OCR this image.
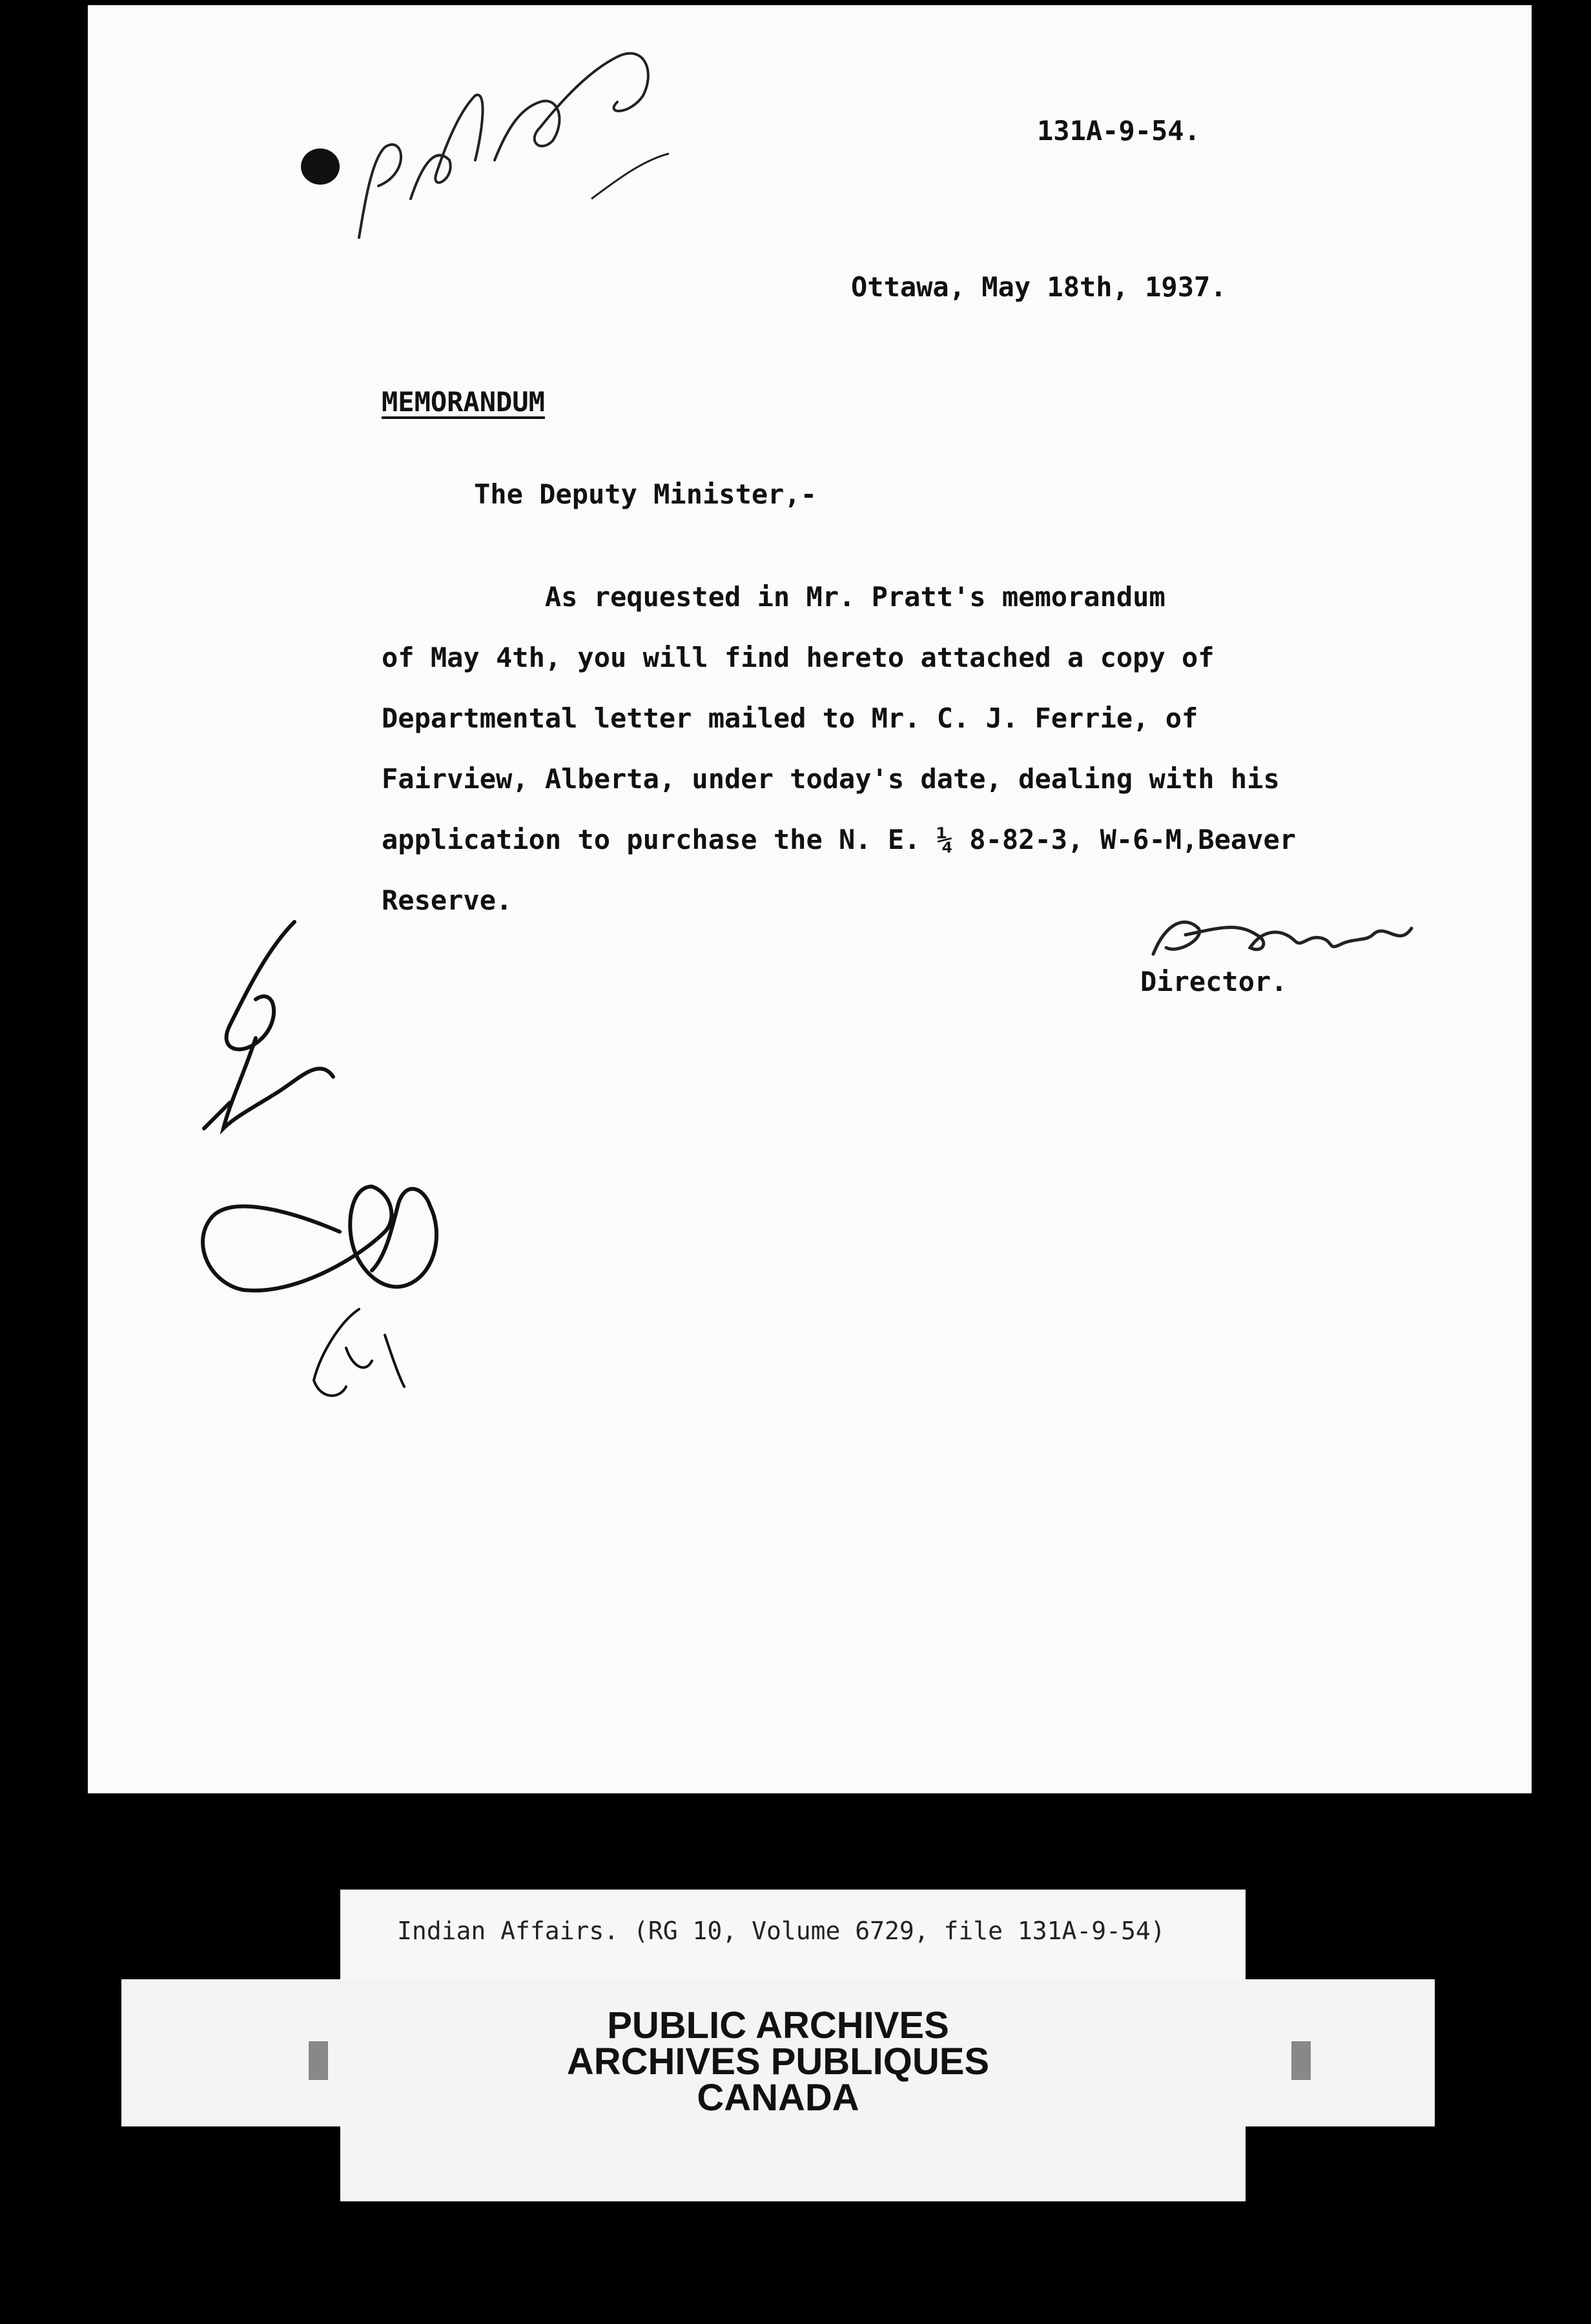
131A-9-54.
Ottawa, May 18th, 1937.
MEMORANDUM
The Deputy Minister,-
As requested in Mr. Pratt's memorandum
of May 4th, you will find hereto attached a copy of
Departmental letter mailed to Mr. C. J. Ferrie, of
Fairview, Alberta, under today's date, dealing with his
application to purchase the N. E. ¼ 8-82-3, W-6-M,Beaver
Reserve.
Director.
Indian Affairs. (RG 10, Volume 6729, file 131A-9-54)
PUBLIC ARCHIVES
ARCHIVES PUBLIQUES
CANADA
